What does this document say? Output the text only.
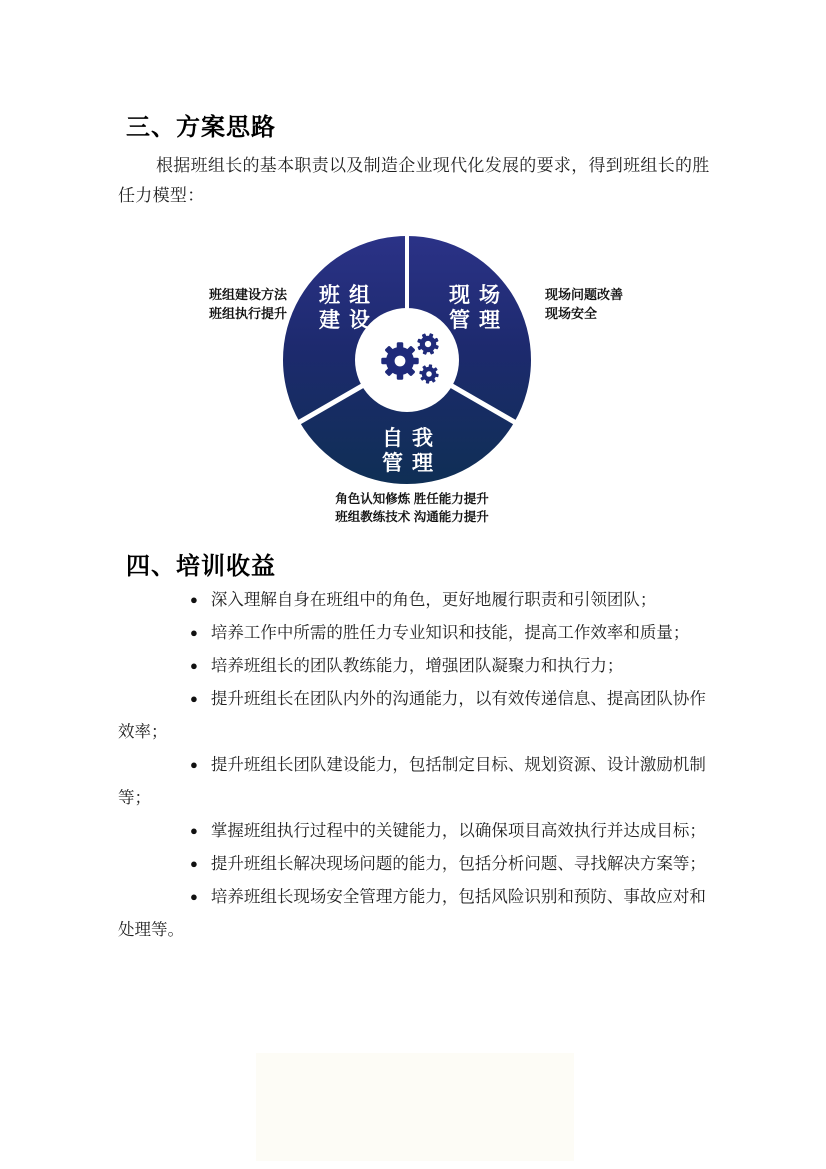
三、方案思路

根据班组长的基本职责以及制造企业现代化发展的要求，得到班组长的胜任力模型：

班组
建设
现场
管理
自我
管理
班组建设方法
班组执行提升
现场问题改善
现场安全
角色认知修炼 胜任能力提升
班组教练技术 沟通能力提升
四、培训收益

● 深入理解自身在班组中的角色，更好地履行职责和引领团队；

● 培养工作中所需的胜任力专业知识和技能，提高工作效率和质量；

● 培养班组长的团队教练能力，增强团队凝聚力和执行力；

● 提升班组长在团队内外的沟通能力，以有效传递信息、提高团队协作效率；

● 提升班组长团队建设能力，包括制定目标、规划资源、设计激励机制等；

● 掌握班组执行过程中的关键能力，以确保项目高效执行并达成目标；

● 提升班组长解决现场问题的能力，包括分析问题、寻找解决方案等；

● 培养班组长现场安全管理方能力，包括风险识别和预防、事故应对和处理等。
